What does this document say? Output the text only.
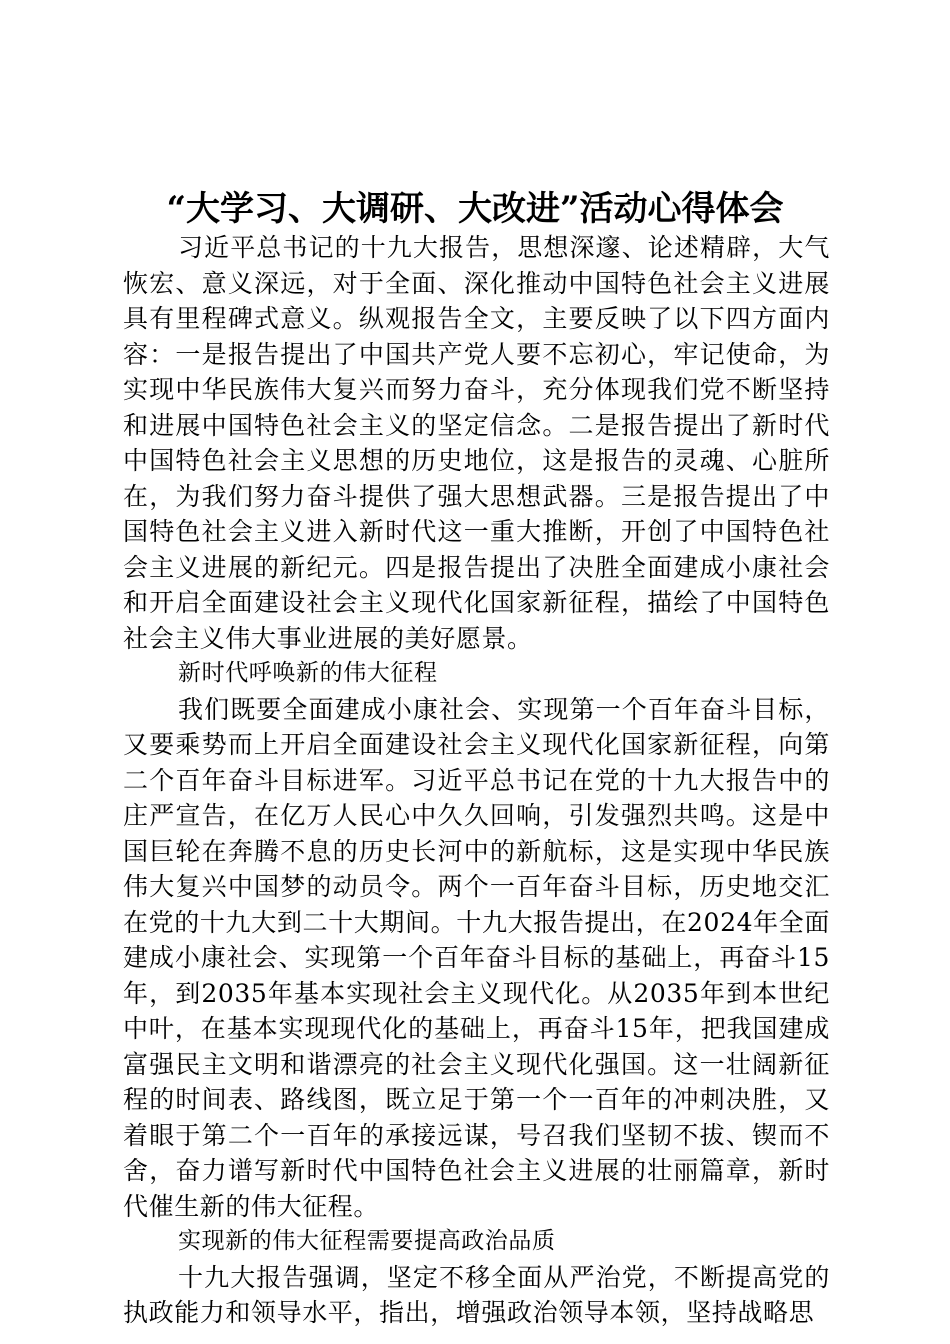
“大学习、大调研、大改进”活动心得体会

习近平总书记的十九大报告，思想深邃、论述精辟，大气恢宏、意义深远，对于全面、深化推动中国特色社会主义进展具有里程碑式意义。纵观报告全文，主要反映了以下四方面内容：一是报告提出了中国共产党人要不忘初心，牢记使命，为实现中华民族伟大复兴而努力奋斗，充分体现我们党不断坚持和进展中国特色社会主义的坚定信念。二是报告提出了新时代中国特色社会主义思想的历史地位，这是报告的灵魂、心脏所在，为我们努力奋斗提供了强大思想武器。三是报告提出了中国特色社会主义进入新时代这一重大推断，开创了中国特色社会主义进展的新纪元。四是报告提出了决胜全面建成小康社会和开启全面建设社会主义现代化国家新征程，描绘了中国特色社会主义伟大事业进展的美好愿景。

新时代呼唤新的伟大征程

我们既要全面建成小康社会、实现第一个百年奋斗目标，又要乘势而上开启全面建设社会主义现代化国家新征程，向第二个百年奋斗目标进军。习近平总书记在党的十九大报告中的庄严宣告，在亿万人民心中久久回响，引发强烈共鸣。这是中国巨轮在奔腾不息的历史长河中的新航标，这是实现中华民族伟大复兴中国梦的动员令。两个一百年奋斗目标，历史地交汇在党的十九大到二十大期间。十九大报告提出，在2024年全面建成小康社会、实现第一个百年奋斗目标的基础上，再奋斗15年，到2035年基本实现社会主义现代化。从2035年到本世纪中叶，在基本实现现代化的基础上，再奋斗15年，把我国建成富强民主文明和谐漂亮的社会主义现代化强国。这一壮阔新征程的时间表、路线图，既立足于第一个一百年的冲刺决胜，又着眼于第二个一百年的承接远谋，号召我们坚韧不拔、锲而不舍，奋力谱写新时代中国特色社会主义进展的壮丽篇章，新时代催生新的伟大征程。

实现新的伟大征程需要提高政治品质

十九大报告强调，坚定不移全面从严治党，不断提高党的执政能力和领导水平，指出，增强政治领导本领，坚持战略思
